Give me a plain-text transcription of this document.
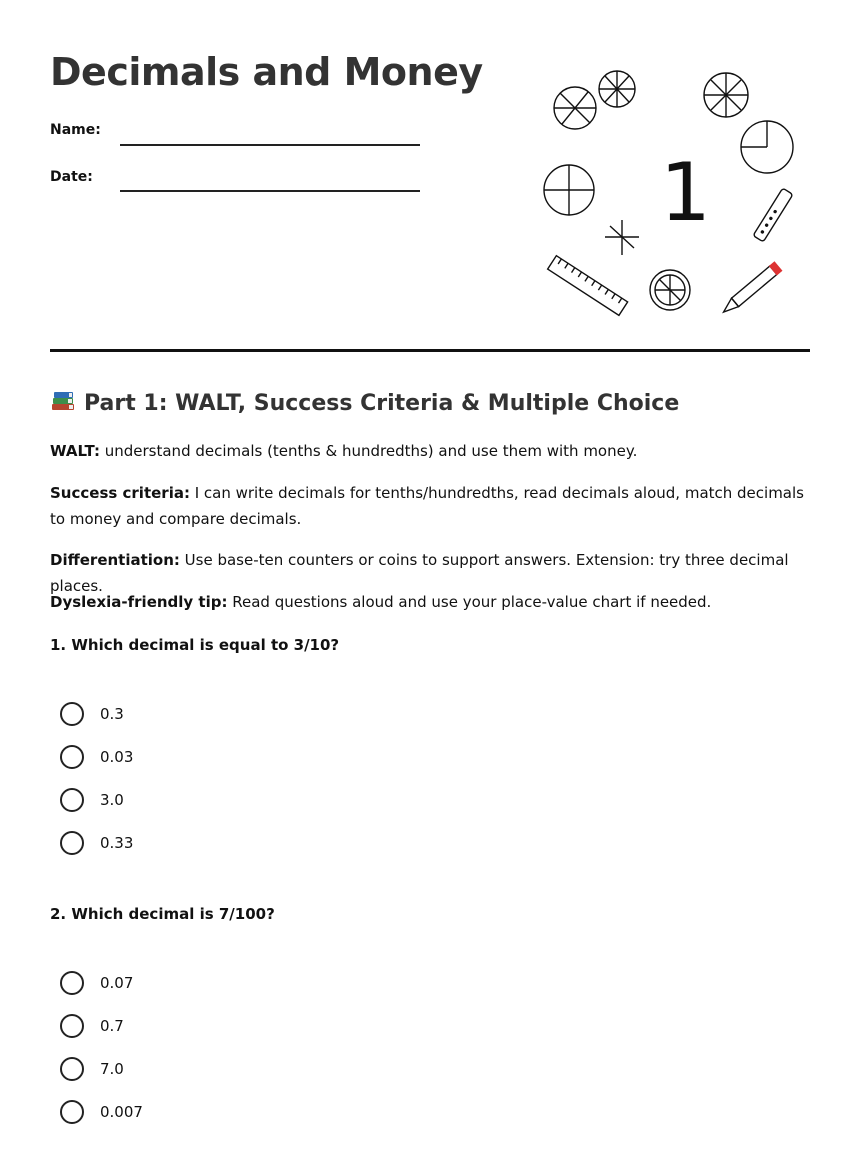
Decimals and Money
Name:
Date:	1
Part 1: WALT, Success Criteria & Multiple Choice

WALT: understand decimals (tenths & hundredths) and use them with money.

Success criteria: I can write decimals for tenths/hundredths, read decimals aloud, match decimals to money and compare decimals.

Differentiation: Use base-ten counters or coins to support answers. Extension: try three decimal places.

Dyslexia-friendly tip: Read questions aloud and use your place-value chart if needed.

1. Which decimal is equal to 3/10?

0.3
0.03
3.0
0.33

2. Which decimal is 7/100?

0.07
0.7
7.0
0.007
